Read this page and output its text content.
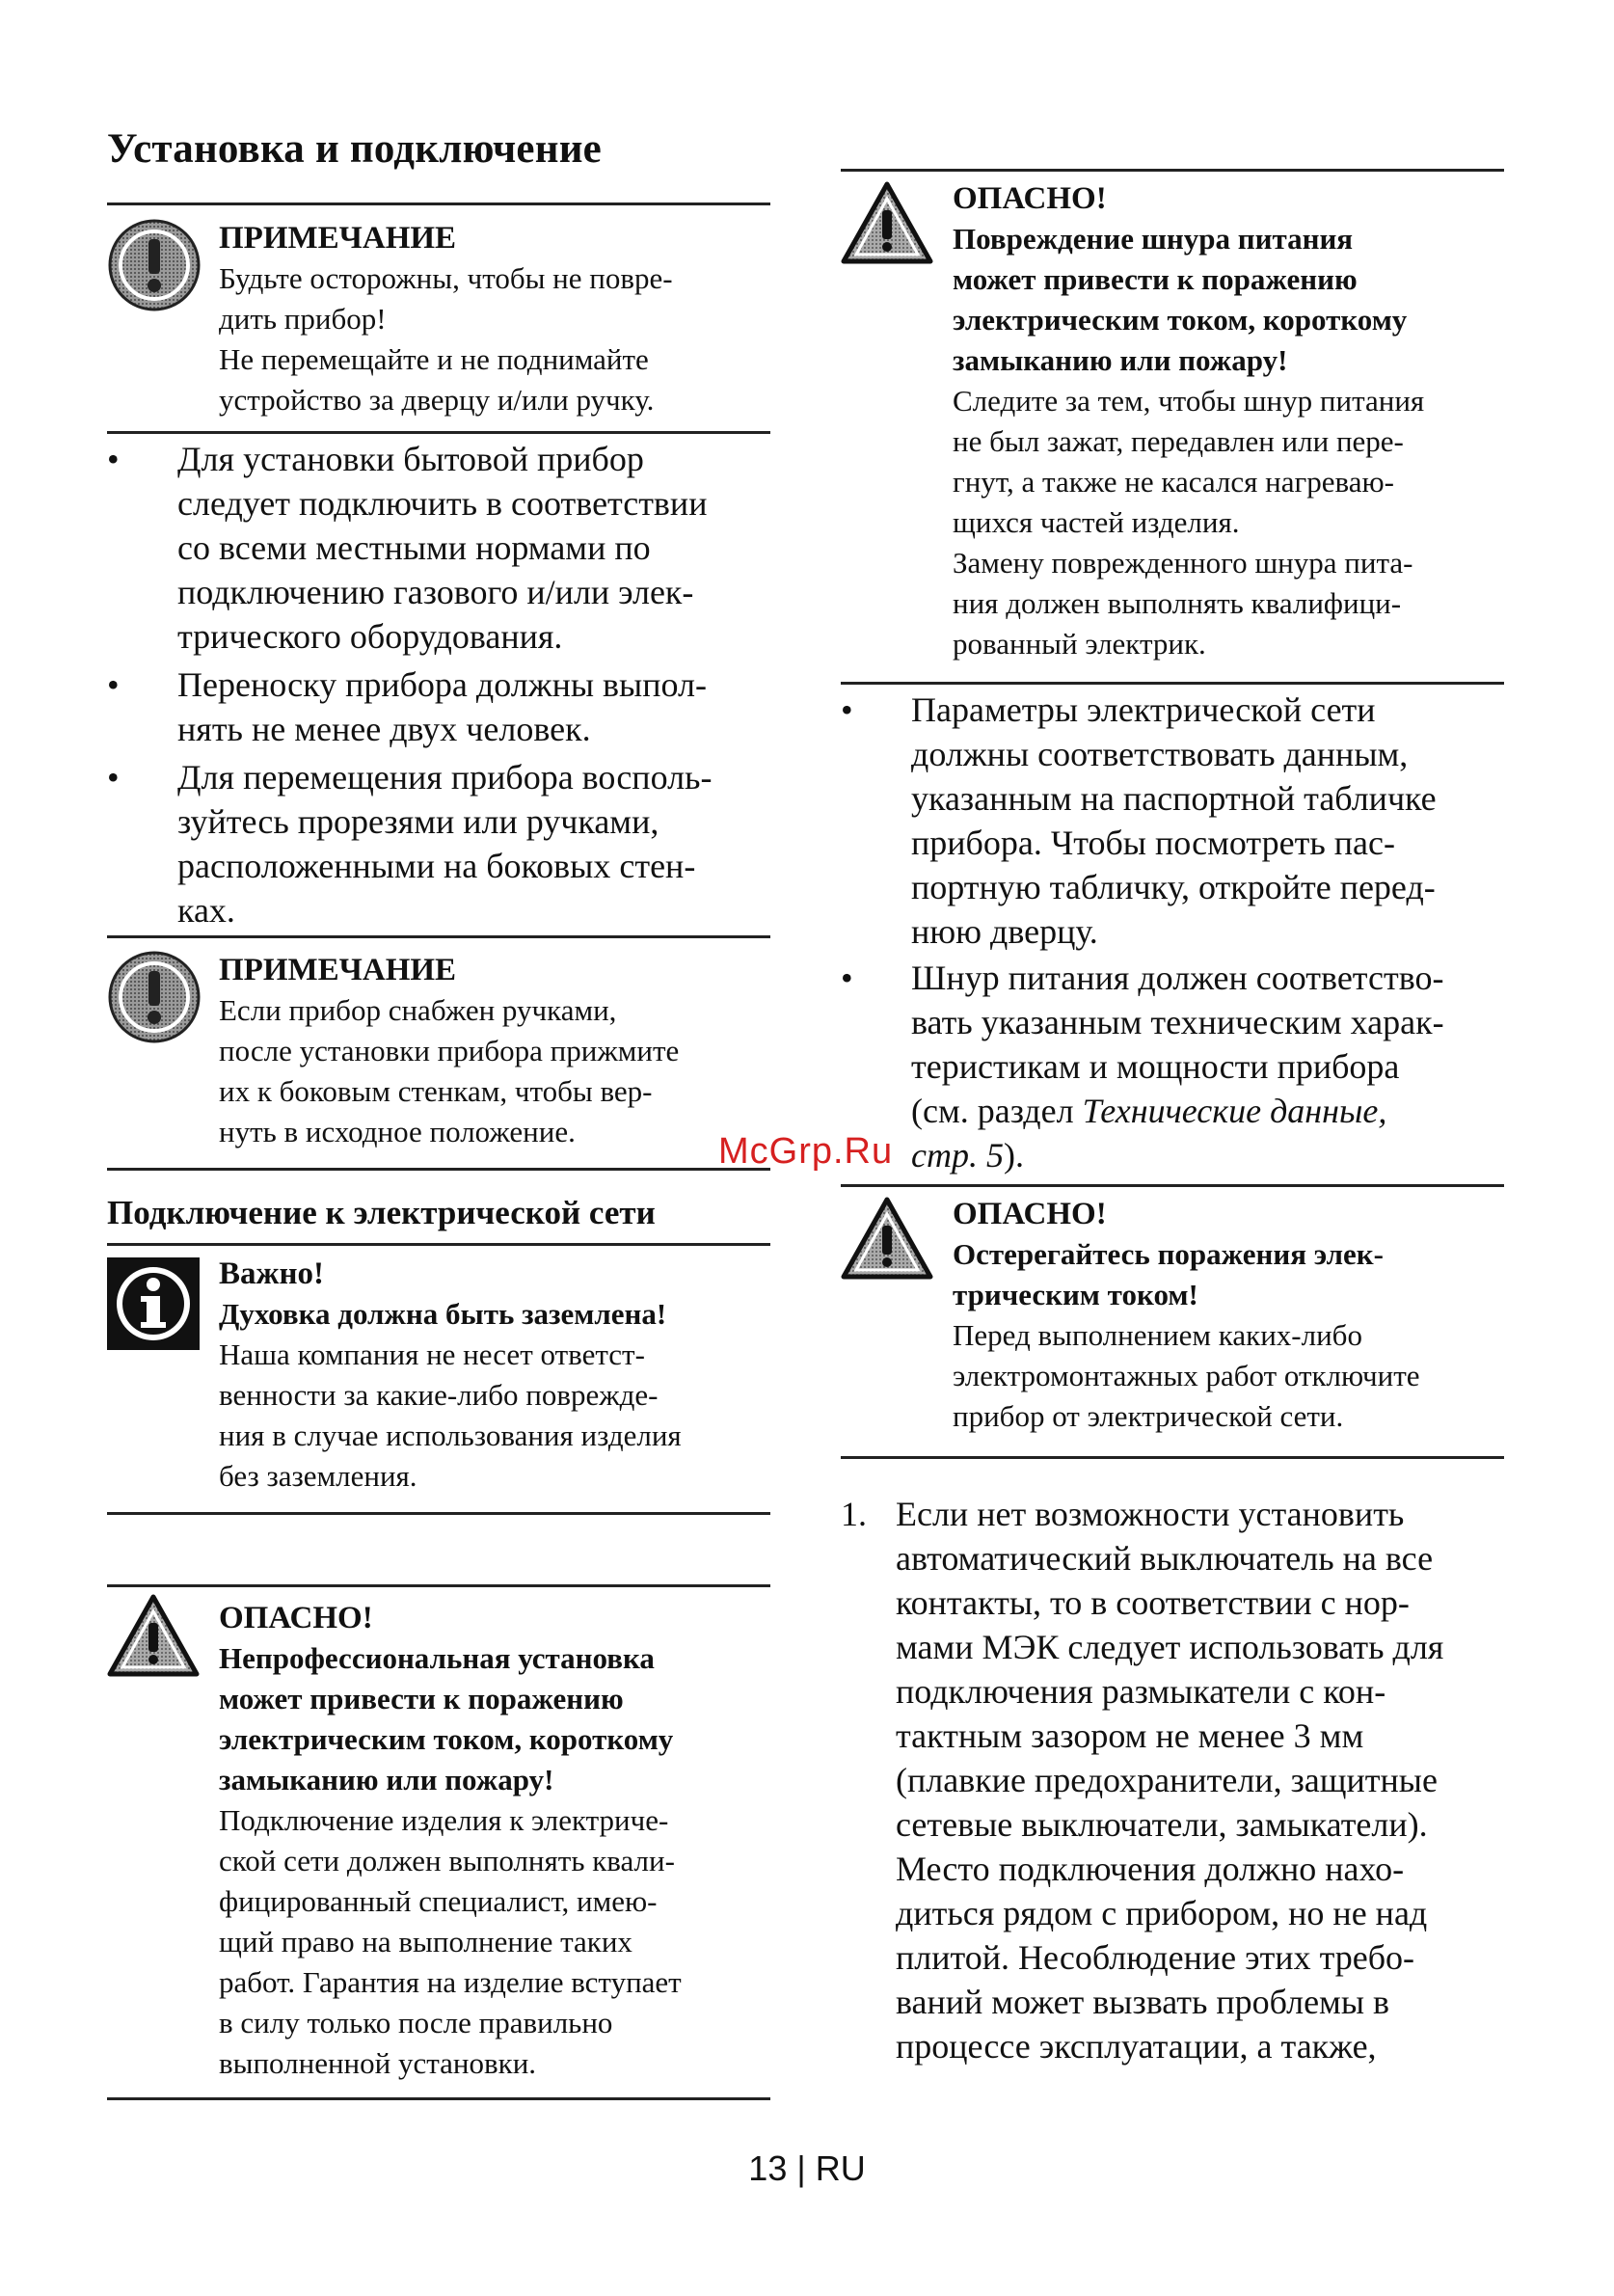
Установка и подключение

ПРИМЕЧАНИЕ

Будьте осторожны, чтобы не повре-

дить прибор!

Не перемещайте и не поднимайте

устройство за дверцу и/или ручку.

• Для установки бытовой прибор
следует подключить в соответствии
со всеми местными нормами по
подключению газового и/или элек-
трического оборудования.
• Переноску прибора должны выпол-
нять не менее двух человек.
• Для перемещения прибора восполь-
зуйтесь прорезями или ручками,
расположенными на боковых стен-
ках.

ПРИМЕЧАНИЕ

Если прибор снабжен ручками,

после установки прибора прижмите

их к боковым стенкам, чтобы вер-

нуть в исходное положение.

Подключение к электрической сети

Важно!

Духовка должна быть заземлена!

Наша компания не несет ответст-

венности за какие-либо поврежде-

ния в случае использования изделия

без заземления.

ОПАСНО!

Непрофессиональная установка

может привести к поражению

электрическим током, короткому

замыканию или пожару!

Подключение изделия к электриче-

ской сети должен выполнять квали-

фицированный специалист, имею-

щий право на выполнение таких

работ. Гарантия на изделие вступает

в силу только после правильно

выполненной установки.

ОПАСНО!

Повреждение шнура питания

может привести к поражению

электрическим током, короткому

замыканию или пожару!

Следите за тем, чтобы шнур питания

не был зажат, передавлен или пере-

гнут, а также не касался нагреваю-

щихся частей изделия.

Замену поврежденного шнура пита-

ния должен выполнять квалифици-

рованный электрик.

• Параметры электрической сети
должны соответствовать данным,
указанным на паспортной табличке
прибора. Чтобы посмотреть пас-
портную табличку, откройте перед-
нюю дверцу.
• Шнур питания должен соответство-
вать указанным техническим харак-
теристикам и мощности прибора
(см. раздел Технические данные,
стр. 5).

ОПАСНО!

Остерегайтесь поражения элек-

трическим током!

Перед выполнением каких-либо

электромонтажных работ отключите

прибор от электрической сети.

1. Если нет возможности установить
автоматический выключатель на все
контакты, то в соответствии с нор-
мами МЭК следует использовать для
подключения размыкатели с кон-
тактным зазором не менее 3 мм
(плавкие предохранители, защитные
сетевые выключатели, замыкатели).
Место подключения должно нахо-
диться рядом с прибором, но не над
плитой. Несоблюдение этих требо-
ваний может вызвать проблемы в
процессе эксплуатации, а также,
McGrp.Ru
13 | RU
